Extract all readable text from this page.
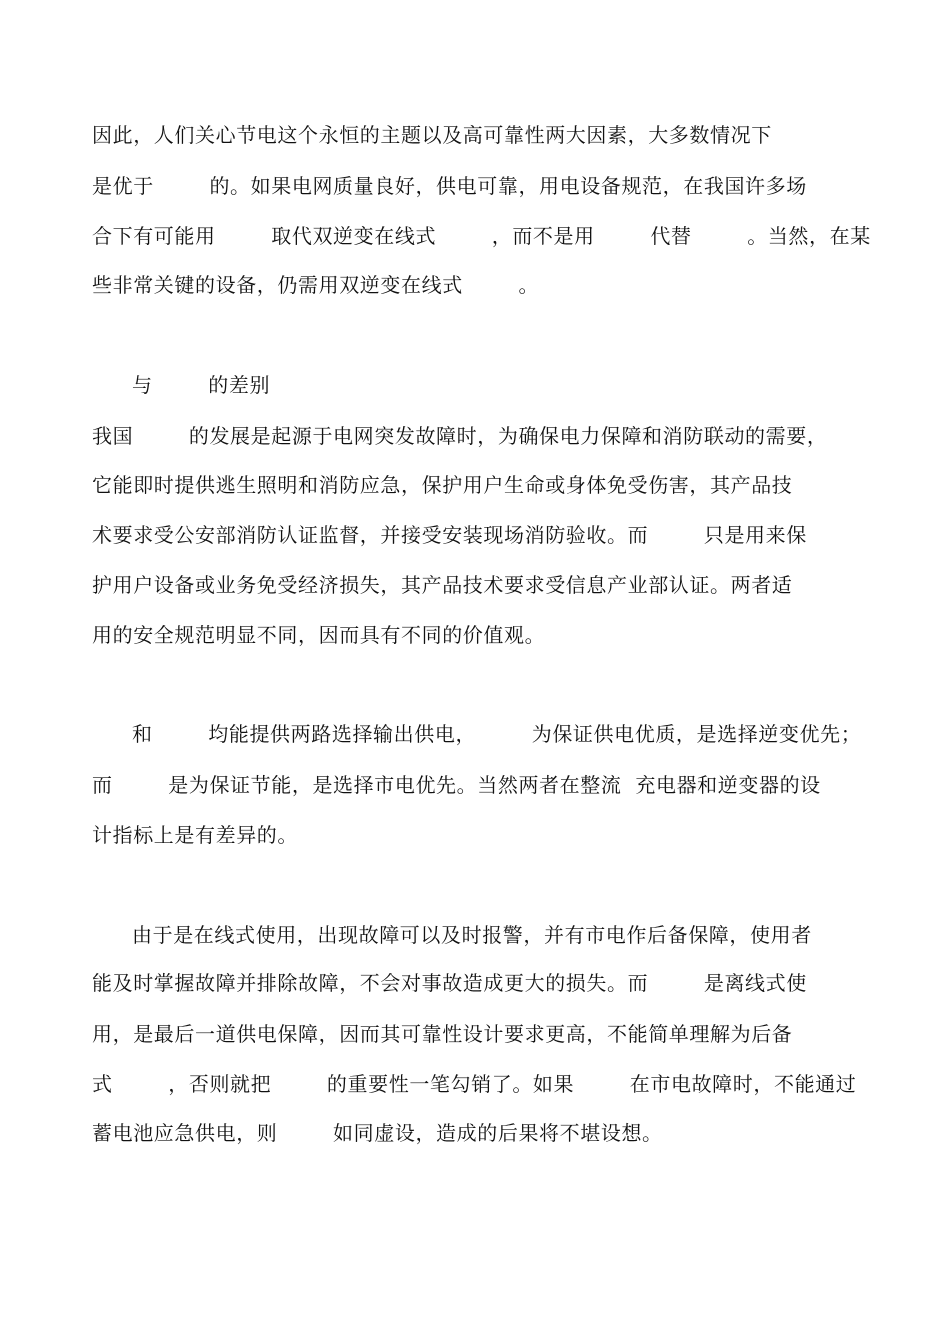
因此，人们关心节电这个永恒的主题以及高可靠性两大因素，大多数情况下
是优于        的。如果电网质量良好，供电可靠，用电设备规范，在我国许多场
合下有可能用        取代双逆变在线式        ，而不是用        代替        。当然，在某
些非常关键的设备，仍需用双逆变在线式        。
与        的差别
我国        的发展是起源于电网突发故障时，为确保电力保障和消防联动的需要，
它能即时提供逃生照明和消防应急，保护用户生命或身体免受伤害，其产品技
术要求受公安部消防认证监督，并接受安装现场消防验收。而        只是用来保
护用户设备或业务免受经济损失，其产品技术要求受信息产业部认证。两者适
用的安全规范明显不同，因而具有不同的价值观。
和        均能提供两路选择输出供电，        为保证供电优质，是选择逆变优先；
而        是为保证节能，是选择市电优先。当然两者在整流  充电器和逆变器的设
计指标上是有差异的。
由于是在线式使用，出现故障可以及时报警，并有市电作后备保障，使用者
能及时掌握故障并排除故障，不会对事故造成更大的损失。而        是离线式使
用，是最后一道供电保障，因而其可靠性设计要求更高，不能简单理解为后备
式        ，否则就把        的重要性一笔勾销了。如果        在市电故障时，不能通过
蓄电池应急供电，则        如同虚设，造成的后果将不堪设想。
